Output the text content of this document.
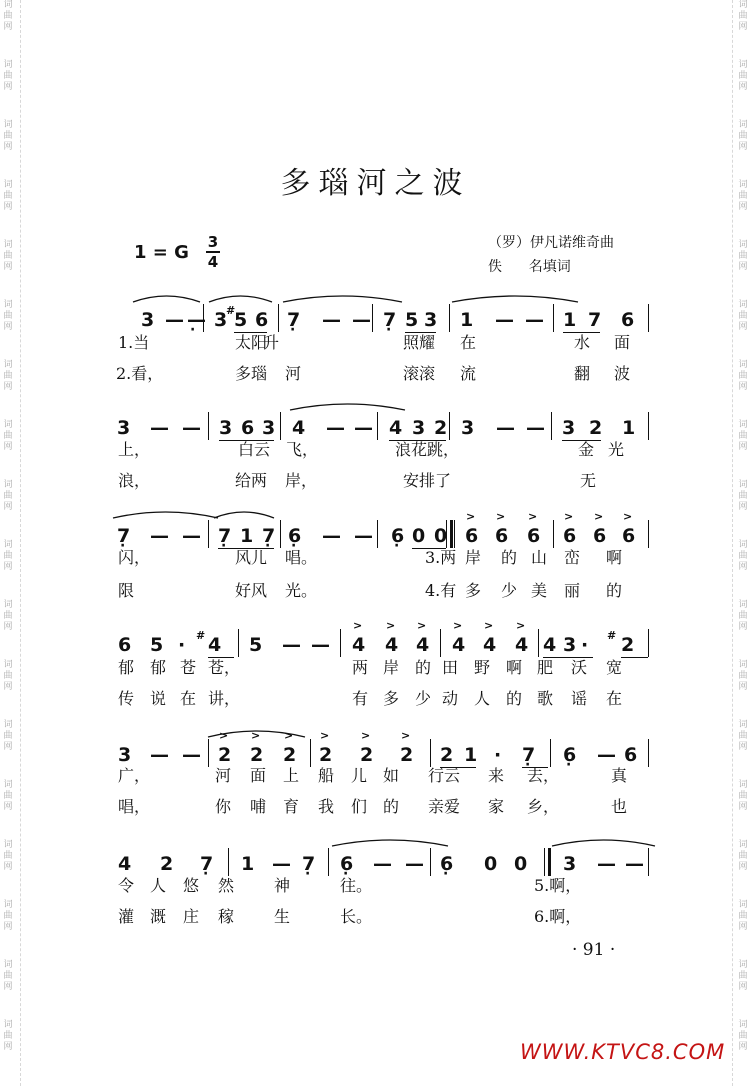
词
曲
网
词
曲
网
词
曲
网
词
曲
网
词
曲
网
词
曲
网
词
曲
网
词
曲
网
词
曲
网
词
曲
网
词
曲
网
词
曲
网
词
曲
网
词
曲
网
词
曲
网
词
曲
网
词
曲
网
词
曲
网
词
曲
网
词
曲
网
词
曲
网
词
曲
网
词
曲
网
词
曲
网
词
曲
网
词
曲
网
词
曲
网
词
曲
网
词
曲
网
词
曲
网
词
曲
网
词
曲
网
词
曲
网
词
曲
网
词
曲
网
词
曲
网
多瑙河之波
1 = G 3
4
（罗）伊凡诺维奇曲
佚      名填词
3 — — · 3 5 6 7 · — — 7 · 5 3 1 — — 1 7 6
#
1.当	太阳
升	照耀 在	水 面
2.看，	多瑙 河	滚滚 流	翻 波
3 — — 3 6 3 4 — — 4 3 2 3 — — 3 2 1
上，	白云 飞，	浪花跳，	金 光
浪，	给两 岸，	安排了	无
7 · — — 7 · 1 7 · 6 · — — 6 · 0 0 6 6 6 6 6 6
> > > > > >
闪，	风儿 唱。	3.两 岸 的 山 峦 啊
限	好风 光。	4.有 多 少 美 丽 的
6 5 · 4 5 — — 4 4 4 4 4 4 4 3 · 2
#	#
> > > > > >
郁 郁 苍 苍，	两 岸 的 田 野 啊 肥 沃 宽
传 说 在 讲，	有 多 少 动 人 的 歌 谣 在
3 — — 2 2 2 2 2 2 2 1 · 7 · 6 · — 6
> > > >	>	>
广，	河 面 上 船 儿 如 行云 来 去，	真
唱，	你 哺 育 我 们 的 亲爱 家 乡，	也
4 2 7 · 1 — 7 · 6 · — — 6 · 0 0 3 — —
令 人 悠 然 神	往。	5.啊，
灌 溉 庄 稼 生	长。	6.啊，
· 91 ·
WWW.KTVC8.COM
